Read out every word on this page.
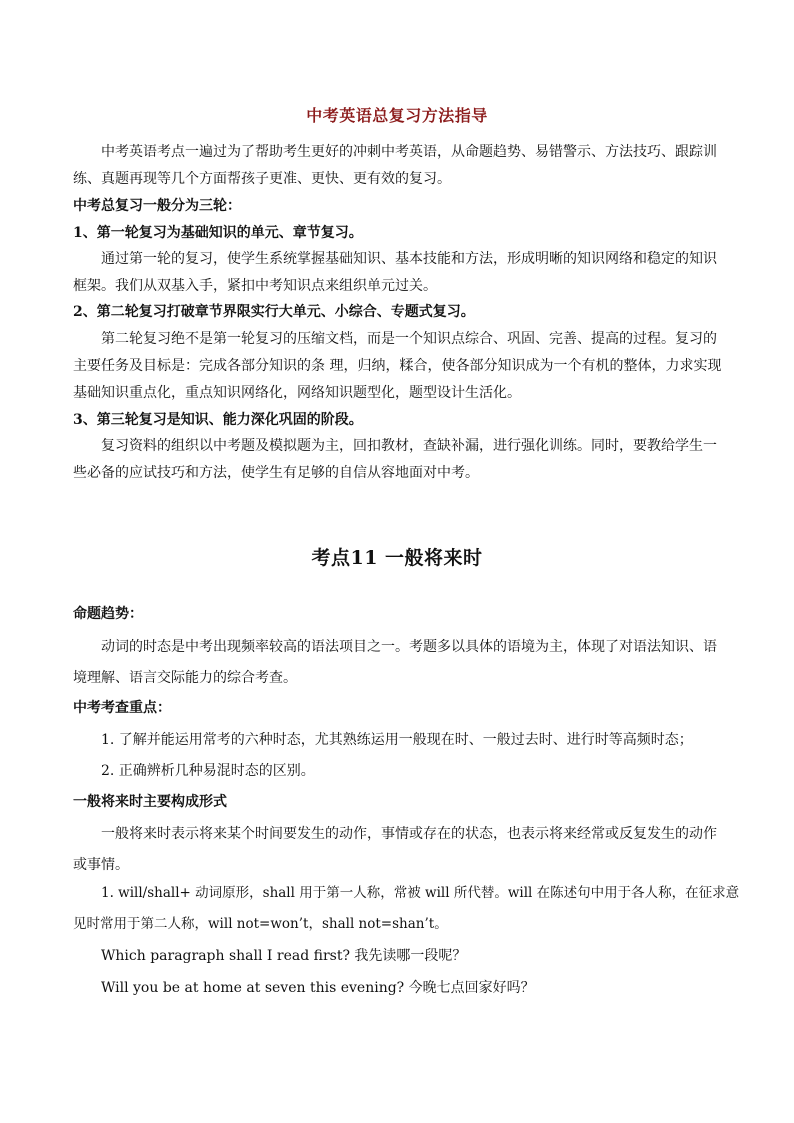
中考英语总复习方法指导
中考英语考点一遍过为了帮助考生更好的冲刺中考英语，从命题趋势、易错警示、方法技巧、跟踪训练、真题再现等几个方面帮孩子更准、更快、更有效的复习。
中考总复习一般分为三轮：
1、第一轮复习为基础知识的单元、章节复习。
通过第一轮的复习，使学生系统掌握基础知识、基本技能和方法，形成明晰的知识网络和稳定的知识框架。我们从双基入手，紧扣中考知识点来组织单元过关。
2、第二轮复习打破章节界限实行大单元、小综合、专题式复习。
第二轮复习绝不是第一轮复习的压缩文档，而是一个知识点综合、巩固、完善、提高的过程。复习的主要任务及目标是：完成各部分知识的条 理，归纳，糅合，使各部分知识成为一个有机的整体，力求实现基础知识重点化，重点知识网络化，网络知识题型化，题型设计生活化。
3、第三轮复习是知识、能力深化巩固的阶段。
复习资料的组织以中考题及模拟题为主，回扣教材，查缺补漏，进行强化训练。同时，要教给学生一些必备的应试技巧和方法，使学生有足够的自信从容地面对中考。
考点11 一般将来时
命题趋势：
动词的时态是中考出现频率较高的语法项目之一。考题多以具体的语境为主，体现了对语法知识、语境理解、语言交际能力的综合考查。
中考考查重点：
1. 了解并能运用常考的六种时态，尤其熟练运用一般现在时、一般过去时、进行时等高频时态；
2. 正确辨析几种易混时态的区别。
一般将来时主要构成形式
一般将来时表示将来某个时间要发生的动作，事情或存在的状态，也表示将来经常或反复发生的动作或事情。
1. will/shall+ 动词原形，shall 用于第一人称，常被 will 所代替。will 在陈述句中用于各人称，在征求意
见时常用于第二人称，will not=won’t，shall not=shan’t。
Which paragraph shall I read first? 我先读哪一段呢？
Will you be at home at seven this evening? 今晚七点回家好吗？
